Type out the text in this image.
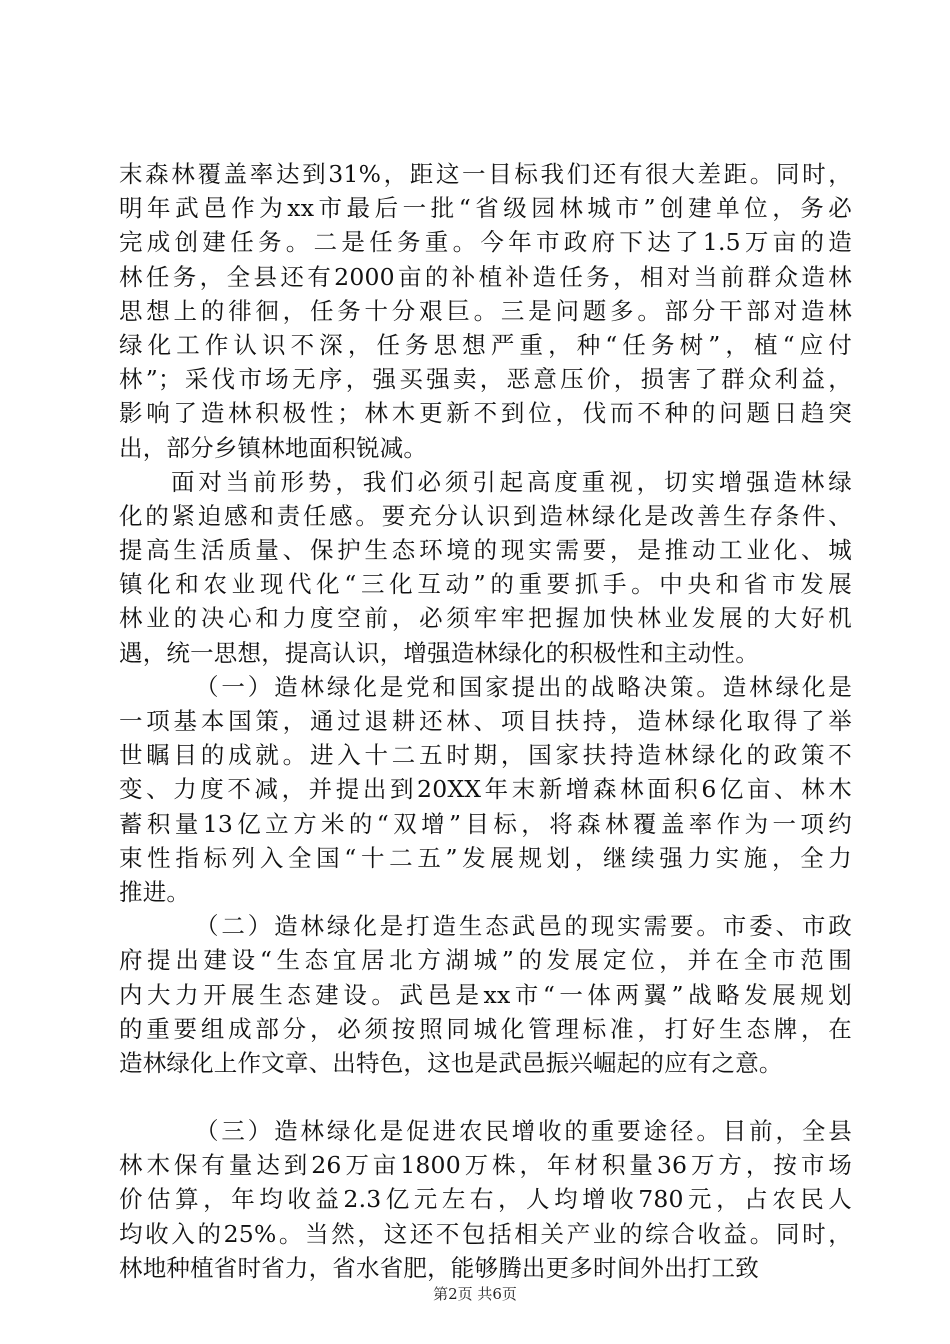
末森林覆盖率达到31%，距这一目标我们还有很大差距。同时，
明年武邑作为xx市最后一批“省级园林城市”创建单位，务必
完成创建任务。二是任务重。今年市政府下达了1.5万亩的造
林任务，全县还有2000亩的补植补造任务，相对当前群众造林
思想上的徘徊，任务十分艰巨。三是问题多。部分干部对造林
绿化工作认识不深，任务思想严重，种“任务树”，植“应付
林”；采伐市场无序，强买强卖，恶意压价，损害了群众利益，
影响了造林积极性；林木更新不到位，伐而不种的问题日趋突
出，部分乡镇林地面积锐减。
面对当前形势，我们必须引起高度重视，切实增强造林绿
化的紧迫感和责任感。要充分认识到造林绿化是改善生存条件、
提高生活质量、保护生态环境的现实需要，是推动工业化、城
镇化和农业现代化“三化互动”的重要抓手。中央和省市发展
林业的决心和力度空前，必须牢牢把握加快林业发展的大好机
遇，统一思想，提高认识，增强造林绿化的积极性和主动性。
（一）造林绿化是党和国家提出的战略决策。造林绿化是
一项基本国策，通过退耕还林、项目扶持，造林绿化取得了举
世瞩目的成就。进入十二五时期，国家扶持造林绿化的政策不
变、力度不减，并提出到20XX年末新增森林面积6亿亩、林木
蓄积量13亿立方米的“双增”目标，将森林覆盖率作为一项约
束性指标列入全国“十二五”发展规划，继续强力实施，全力
推进。
（二）造林绿化是打造生态武邑的现实需要。市委、市政
府提出建设“生态宜居北方湖城”的发展定位，并在全市范围
内大力开展生态建设。武邑是xx市“一体两翼”战略发展规划
的重要组成部分，必须按照同城化管理标准，打好生态牌，在
造林绿化上作文章、出特色，这也是武邑振兴崛起的应有之意。
（三）造林绿化是促进农民增收的重要途径。目前，全县
林木保有量达到26万亩1800万株，年材积量36万方，按市场
价估算，年均收益2.3亿元左右，人均增收780元，占农民人
均收入的25%。当然，这还不包括相关产业的综合收益。同时，
林地种植省时省力，省水省肥，能够腾出更多时间外出打工致
第2页 共6页
